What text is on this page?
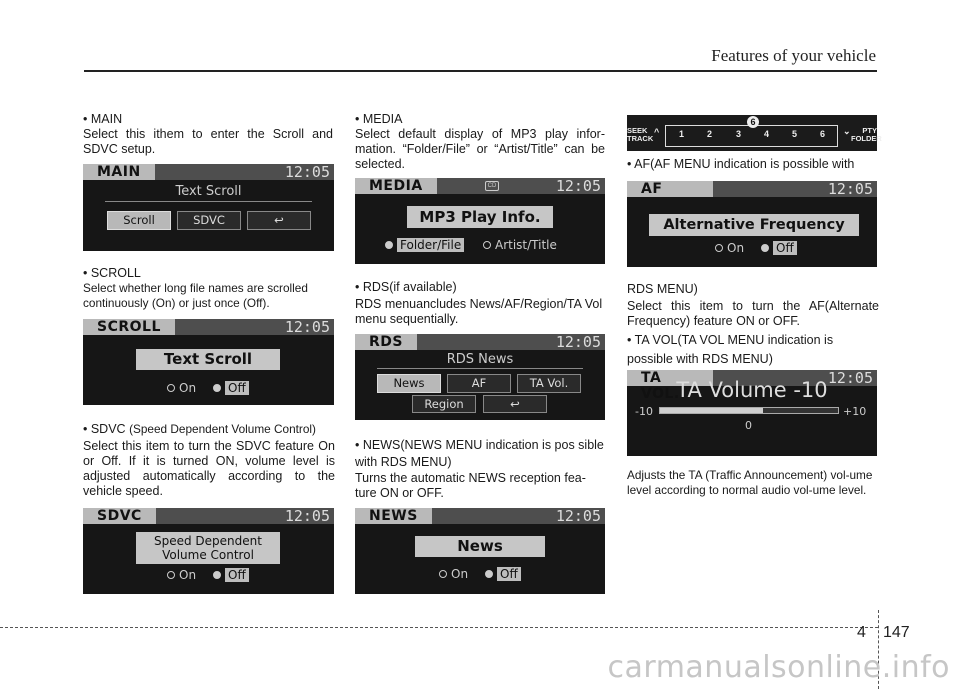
Features of your vehicle

• MAIN

Select this ithem to enter the Scroll and SDVC setup.

MAIN	12:05
Text Scroll
Scroll	SDVC	↩

• SCROLL

Select whether long file names are scrolled continuously (On) or just once (Off).

SCROLL	12:05
Text Scroll
On	Off

• SDVC (Speed Dependent Volume Control)

Select this item to turn the SDVC feature On or Off. If it is turned ON, volume level is adjusted automatically according to the vehicle speed.

SDVC	12:05
Speed Dependent
Volume Control
On	Off

• MEDIA

Select default display of MP3 play infor-mation. “Folder/File” or “Artist/Title” can be selected.

MEDIA	CD	12:05
MP3 Play Info.
Folder/File	Artist/Title

• RDS(if available)

RDS menuancludes News/AF/Region/TA Vol menu sequentially.

RDS	12:05
RDS News
News	AF	TA Vol.
Region	↩

• NEWS(NEWS MENU indication is pos sible with RDS MENU)

Turns the automatic NEWS reception fea-ture ON or OFF.

NEWS	12:05
News
On	Off
SEEK
TRACK
^ 1	2	3	4	5	6
6
⌄	PTY
FOLDER

• AF(AF MENU indication is possible with

AF	12:05
Alternative Frequency
On	Off

RDS MENU)

Select this item to turn the AF(Alternate Frequency) feature ON or OFF.

• TA VOL(TA VOL MENU indication is possible with RDS MENU)

TA VOL.
12:05
TA Volume -10
-10	+10
0

Adjusts the TA (Traffic Announcement) vol-ume level according to normal audio vol-ume level.

4 147
carmanualsonline.info
